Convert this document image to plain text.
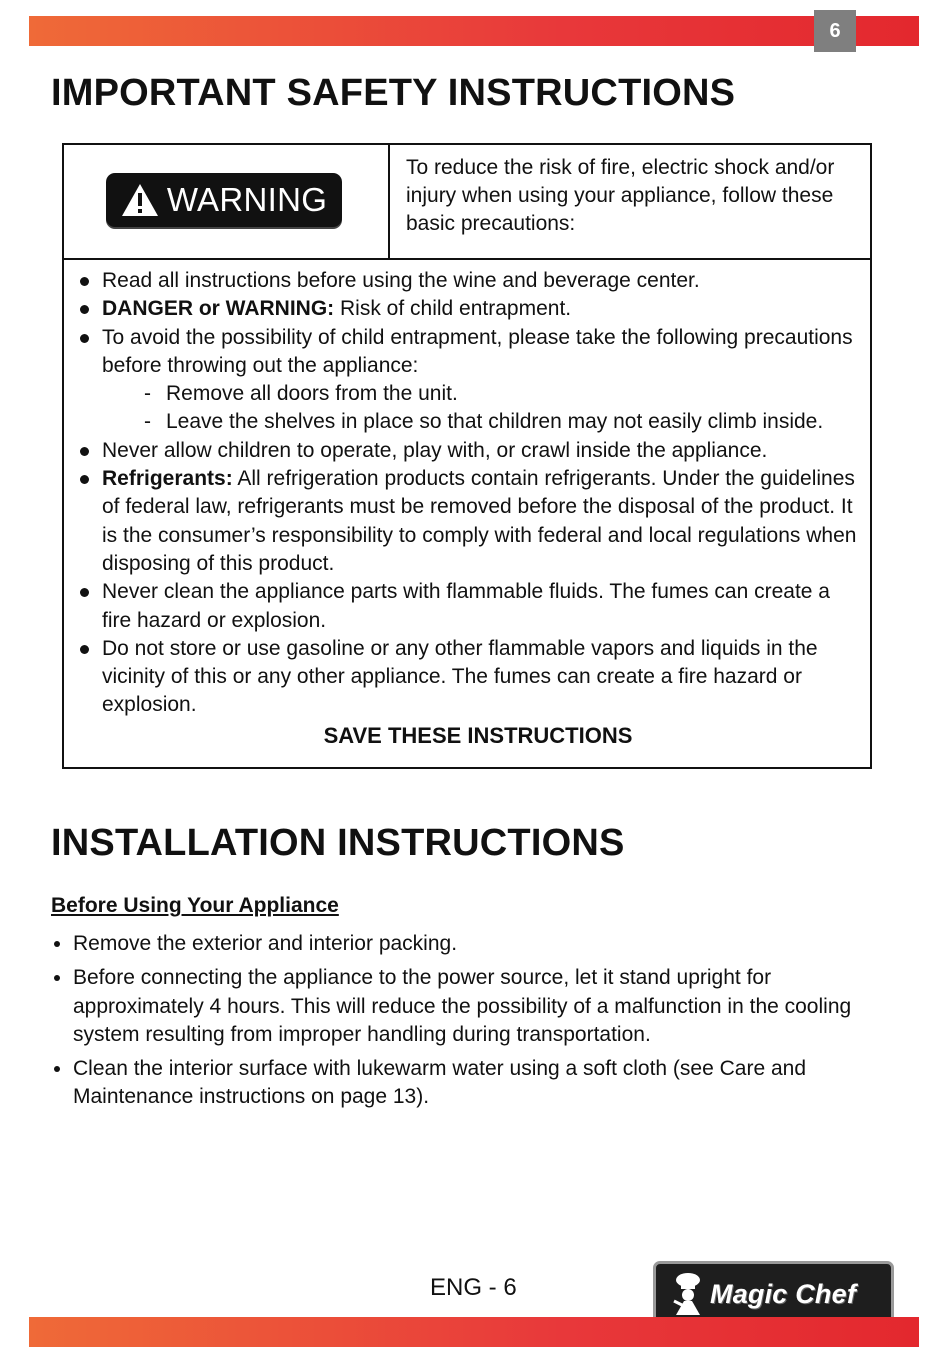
6
IMPORTANT SAFETY INSTRUCTIONS
WARNING
To reduce the risk of fire, electric shock and/or injury when using your appliance, follow these basic precautions:
Read all instructions before using the wine and beverage center.
DANGER or WARNING: Risk of child entrapment.
To avoid the possibility of child entrapment, please take the following precautions before throwing out the appliance:
- Remove all doors from the unit.
- Leave the shelves in place so that children may not easily climb inside.
Never allow children to operate, play with, or crawl inside the appliance.
Refrigerants: All refrigeration products contain refrigerants. Under the guidelines of federal law, refrigerants must be removed before the disposal of the product. It is the consumer’s responsibility to comply with federal and local regulations when disposing of this product.
Never clean the appliance parts with flammable fluids. The fumes can create a fire hazard or explosion.
Do not store or use gasoline or any other flammable vapors and liquids in the vicinity of this or any other appliance. The fumes can create a fire hazard or explosion.
SAVE THESE INSTRUCTIONS
INSTALLATION INSTRUCTIONS
Before Using Your Appliance
Remove the exterior and interior packing.
Before connecting the appliance to the power source, let it stand upright for approximately 4 hours. This will reduce the possibility of a malfunction in the cooling system resulting from improper handling during transportation.
Clean the interior surface with lukewarm water using a soft cloth (see Care and Maintenance instructions on page 13).
ENG - 6	Magic Chef
